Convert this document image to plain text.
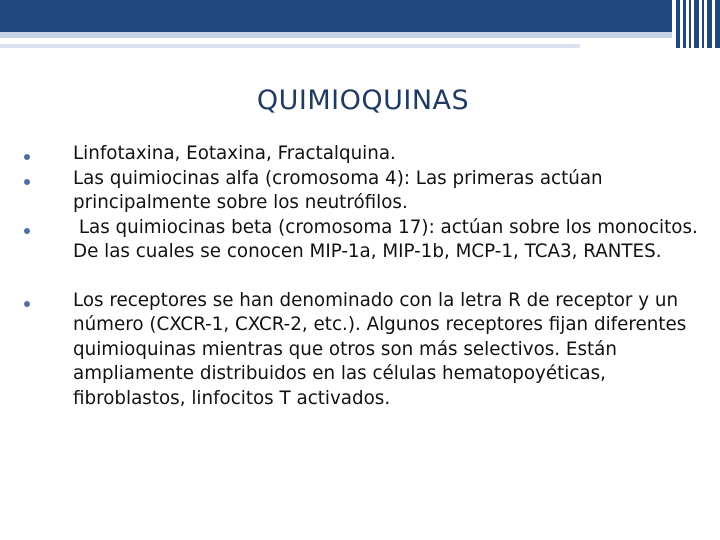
QUIMIOQUINAS
Linfotaxina, Eotaxina, Fractalquina.
Las quimiocinas alfa (cromosoma 4): Las primeras actúan principalmente sobre los neutrófilos.
Las quimiocinas beta (cromosoma 17): actúan sobre los monocitos. De las cuales se conocen MIP-1a, MIP-1b, MCP-1, TCA3, RANTES.
Los receptores se han denominado con la letra R de receptor y un número (CXCR-1, CXCR-2, etc.). Algunos receptores fijan diferentes quimioquinas mientras que otros son más selectivos. Están ampliamente distribuidos en las células hematopoyéticas, fibroblastos, linfocitos T activados.
